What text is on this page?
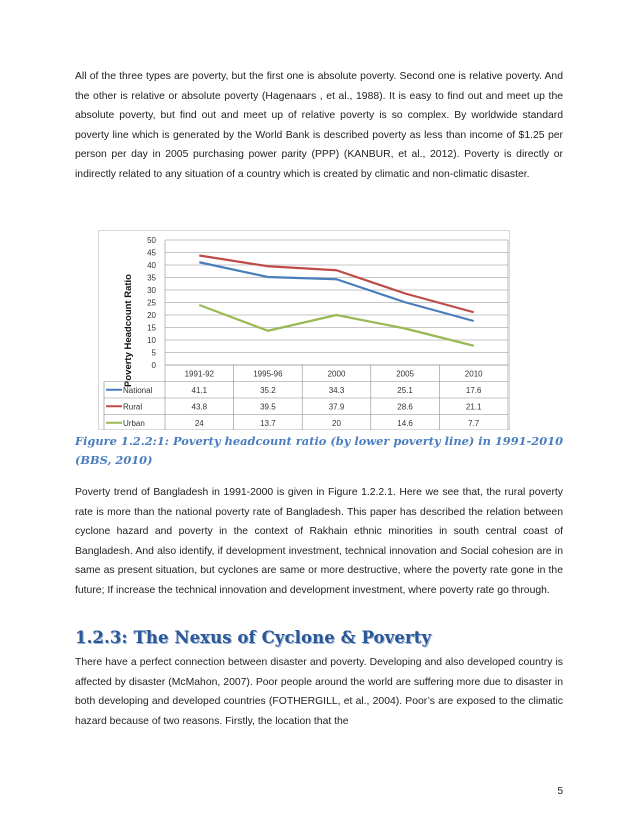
All of the three types are poverty, but the first one is absolute poverty. Second one is relative poverty. And the other is relative or absolute poverty (Hagenaars , et al., 1988). It is easy to find out and meet up the absolute poverty, but find out and meet up of relative poverty is so complex. By worldwide standard poverty line which is generated by the World Bank is described poverty as less than income of $1.25 per person per day in 2005 purchasing power parity (PPP) (KANBUR, et al., 2012). Poverty is directly or indirectly related to any situation of a country which is created by climatic and non-climatic disaster.

0
5
10
15
20
25
30
35
40
45
50
Poverty Headcount Ratio	1991-92	1995-96	2000	2005	2010
National	41.1	35.2	34.3	25.1	17.6
Rural	43.8	39.5	37.9	28.6	21.1
Urban	24	13.7	20	14.6	7.7

Figure 1.2.2:1: Poverty headcount ratio (by lower poverty line) in 1991-2010 (BBS, 2010)

Poverty trend of Bangladesh in 1991-2000 is given in Figure 1.2.2.1. Here we see that, the rural poverty rate is more than the national poverty rate of Bangladesh. This paper has described the relation between cyclone hazard and poverty in the context of Rakhain ethnic minorities in south central coast of Bangladesh. And also identify, if development investment, technical innovation and Social cohesion are in same as present situation, but cyclones are same or more destructive, where the poverty rate gone in the future; If increase the technical innovation and development investment, where poverty rate go through.

1.2.3: The Nexus of Cyclone & Poverty

There have a perfect connection between disaster and poverty. Developing and also developed country is affected by disaster (McMahon, 2007). Poor people around the world are suffering more due to disaster in both developing and developed countries (FOTHERGILL, et al., 2004). Poor’s are exposed to the climatic hazard because of two reasons. Firstly, the location that the

5
